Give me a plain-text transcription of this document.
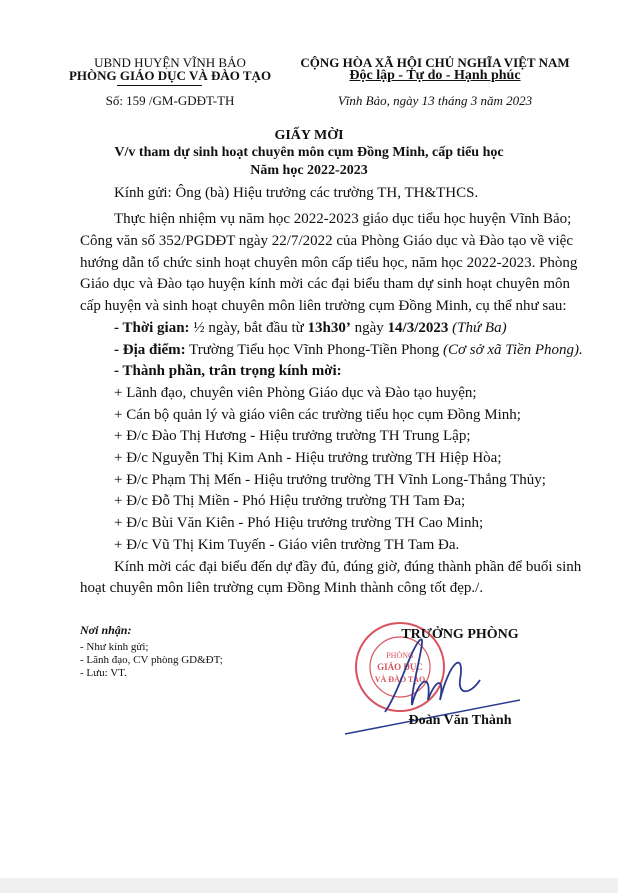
UBND HUYỆN VĨNH BẢO
PHÒNG GIÁO DỤC VÀ ĐÀO TẠO
Số: 159 /GM-GDĐT-TH
CỘNG HÒA XÃ HỘI CHỦ NGHĨA VIỆT NAM
Độc lập - Tự do - Hạnh phúc
Vĩnh Bảo, ngày 13 tháng 3 năm 2023
GIẤY MỜI
V/v tham dự sinh hoạt chuyên môn cụm Đồng Minh, cấp tiểu học
Năm học 2022-2023
Kính gửi: Ông (bà) Hiệu trưởng các trường TH, TH&THCS.
Thực hiện nhiệm vụ năm học 2022-2023 giáo dục tiểu học huyện Vĩnh Bảo;
Công văn số 352/PGDĐT ngày 22/7/2022 của Phòng Giáo dục và Đào tạo về việc
hướng dẫn tổ chức sinh hoạt chuyên môn cấp tiểu học, năm học 2022-2023. Phòng
Giáo dục và Đào tạo huyện kính mời các đại biểu tham dự sinh hoạt chuyên môn
cấp huyện và sinh hoạt chuyên môn liên trường cụm Đồng Minh, cụ thể như sau:
- Thời gian: ½ ngày, bắt đầu từ 13h30’ ngày 14/3/2023 (Thứ Ba)
- Địa điểm: Trường Tiểu học Vĩnh Phong-Tiền Phong (Cơ sở xã Tiền Phong).
- Thành phần, trân trọng kính mời:
+ Lãnh đạo, chuyên viên Phòng Giáo dục và Đào tạo huyện;
+ Cán bộ quản lý và giáo viên các trường tiểu học cụm Đồng Minh;
+ Đ/c Đào Thị Hương - Hiệu trưởng trường TH Trung Lập;
+ Đ/c Nguyễn Thị Kim Anh - Hiệu trưởng trường TH Hiệp Hòa;
+ Đ/c Phạm Thị Mến - Hiệu trưởng trường TH Vĩnh Long-Thắng Thủy;
+ Đ/c Đỗ Thị Miền - Phó Hiệu trưởng trường TH Tam Đa;
+ Đ/c Bùi Văn Kiên - Phó Hiệu trưởng trường TH Cao Minh;
+ Đ/c Vũ Thị Kim Tuyến - Giáo viên trường TH Tam Đa.
Kính mời các đại biểu đến dự đầy đủ, đúng giờ, đúng thành phần để buổi sinh
hoạt chuyên môn liên trường cụm Đồng Minh thành công tốt đẹp./.
Nơi nhận:
- Như kính gửi;
- Lãnh đạo, CV phòng GD&ĐT;
- Lưu: VT.
PHÒNG
GIÁO DỤC
VÀ ĐÀO TẠO
TRƯỞNG PHÒNG
Đoàn Văn Thành
